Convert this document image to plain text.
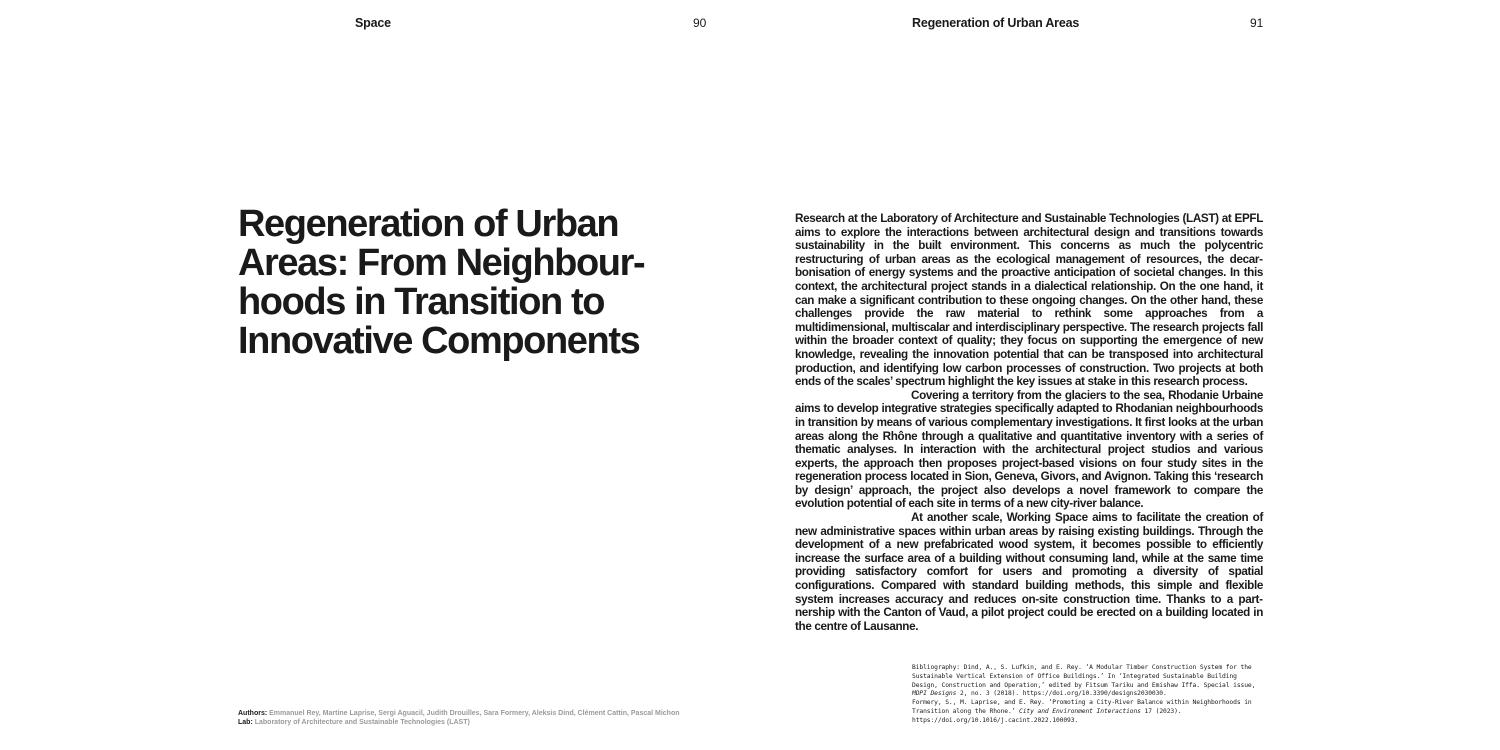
Space	90
Regeneration of Urban Areas: From Neighbourhoods in Transition to Innovative Components
Authors: Emmanuel Rey, Martine Laprise, Sergi Aguacil, Judith Drouilles, Sara Formery, Aleksis Dind, Clément Cattin, Pascal Michon
Lab: Laboratory of Architecture and Sustainable Technologies (LAST)
Regeneration of Urban Areas	91

Research at the Laboratory of Architecture and Sustainable Technologies (LAST) at EPFL aims to explore the interactions between architectural design and transitions towards sustainability in the built environment. This concerns as much the polycentric restructuring of urban areas as the ecological management of resources, the decarbonisation of energy systems and the proactive anticipation of societal changes. In this context, the architectural project stands in a dialectical relationship. On the one hand, it can make a significant contribution to these ongoing changes. On the other hand, these challenges provide the raw material to rethink some approaches from a multidimensional, multiscalar and interdisciplinary perspective. The research projects fall within the broader context of quality; they focus on supporting the emergence of new knowledge, revealing the innovation potential that can be transposed into architectural production, and identifying low carbon processes of construction. Two projects at both ends of the scales’ spectrum highlight the key issues at stake in this research process.

Covering a territory from the glaciers to the sea, Rhodanie Urbaine aims to develop integrative strategies specifically adapted to Rhodanian neighbourhoods in transition by means of various complementary investigations. It first looks at the urban areas along the Rhône through a qualitative and quantitative inventory with a series of thematic analyses. In interaction with the architectural project studios and various experts, the approach then proposes project-based visions on four study sites in the regeneration process located in Sion, Geneva, Givors, and Avignon. Taking this ‘research by design’ approach, the project also develops a novel framework to compare the evolution potential of each site in terms of a new city-river balance.

At another scale, Working Space aims to facilitate the creation of new administrative spaces within urban areas by raising existing buildings. Through the development of a new prefabricated wood system, it becomes possible to efficiently increase the surface area of a building without consuming land, while at the same time providing satisfactory comfort for users and promoting a diversity of spatial configurations. Compared with standard building methods, this simple and flexible system increases accuracy and reduces on-site construction time. Thanks to a partnership with the Canton of Vaud, a pilot project could be erected on a building located in the centre of Lausanne.

Bibliography: Dind, A., S. Lufkin, and E. Rey. ‘A Modular Timber Construction System for the Sustainable Vertical Extension of Office Buildings.’ In ‘Integrated Sustainable Building Design, Construction and Operation,’ edited by Fitsum Tariku and Emishaw Iffa. Special issue, MDPI Designs 2, no. 3 (2018). https://doi.org/10.3390/designs2030030.

Formery, S., M. Laprise, and E. Rey. ‘Promoting a City-River Balance within Neighborhoods in Transition along the Rhone.’ City and Environment Interactions 17 (2023). https://doi.org/10.1016/j.cacint.2022.100093.
